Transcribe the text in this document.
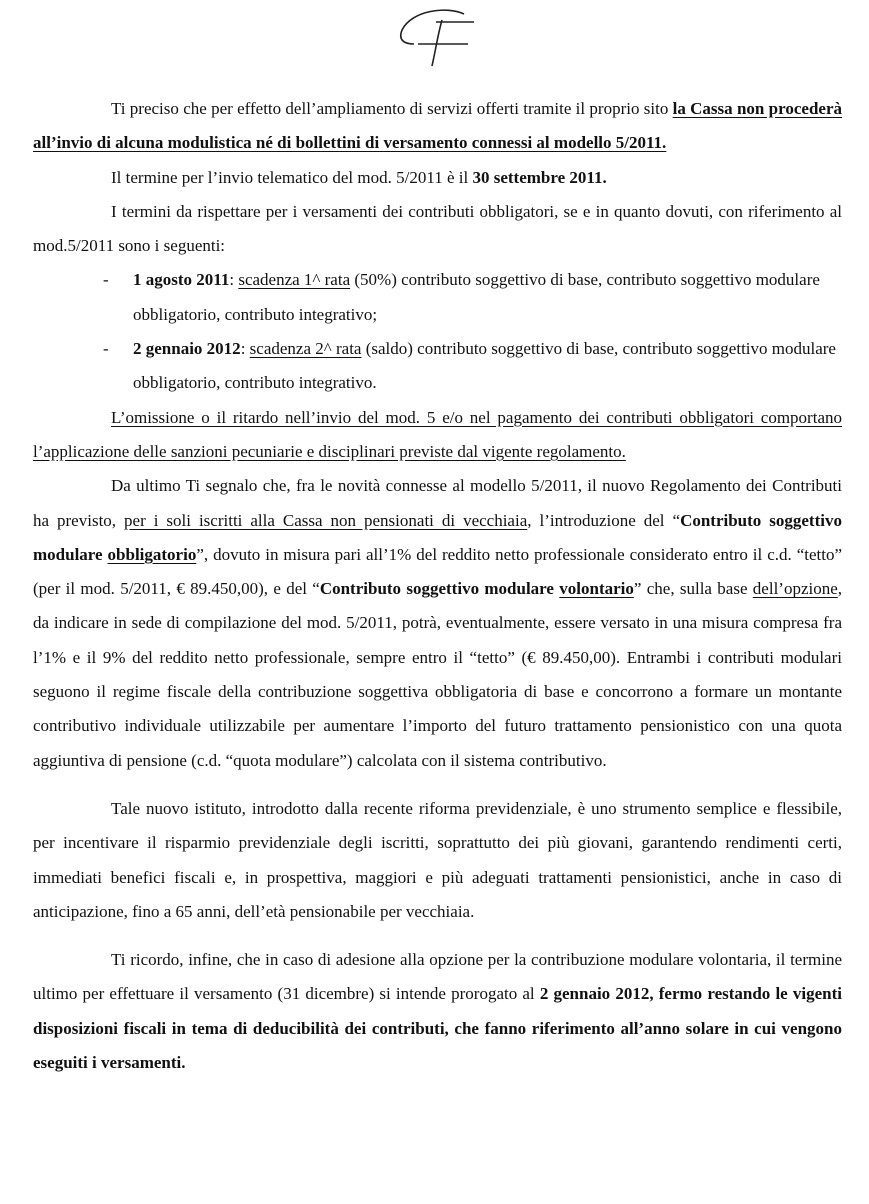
Ti preciso che per effetto dell’ampliamento di servizi offerti tramite il proprio sito la Cassa non procederà all’invio di alcuna modulistica né di bollettini di versamento connessi al modello 5/2011.

Il termine per l’invio telematico del mod. 5/2011 è il 30 settembre 2011.

I termini da rispettare per i versamenti dei contributi obbligatori, se e in quanto dovuti, con riferimento al mod.5/2011 sono i seguenti:

- 1 agosto 2011: scadenza 1^ rata (50%) contributo soggettivo di base, contributo soggettivo modulare obbligatorio, contributo integrativo;
- 2 gennaio 2012: scadenza 2^ rata (saldo) contributo soggettivo di base, contributo soggettivo modulare obbligatorio, contributo integrativo.

L’omissione o il ritardo nell’invio del mod. 5 e/o nel pagamento dei contributi obbligatori comportano l’applicazione delle sanzioni pecuniarie e disciplinari previste dal vigente regolamento.

Da ultimo Ti segnalo che, fra le novità connesse al modello 5/2011, il nuovo Regolamento dei Contributi ha previsto, per i soli iscritti alla Cassa non pensionati di vecchiaia, l’introduzione del “Contributo soggettivo modulare obbligatorio”, dovuto in misura pari all’1% del reddito netto professionale considerato entro il c.d. “tetto” (per il mod. 5/2011, € 89.450,00), e del “Contributo soggettivo modulare volontario” che, sulla base dell’opzione, da indicare in sede di compilazione del mod. 5/2011, potrà, eventualmente, essere versato in una misura compresa fra l’1% e il 9% del reddito netto professionale, sempre entro il “tetto” (€ 89.450,00). Entrambi i contributi modulari seguono il regime fiscale della contribuzione soggettiva obbligatoria di base e concorrono a formare un montante contributivo individuale utilizzabile per aumentare l’importo del futuro trattamento pensionistico con una quota aggiuntiva di pensione (c.d. “quota modulare”) calcolata con il sistema contributivo.

Tale nuovo istituto, introdotto dalla recente riforma previdenziale, è uno strumento semplice e flessibile, per incentivare il risparmio previdenziale degli iscritti, soprattutto dei più giovani, garantendo rendimenti certi, immediati benefici fiscali e, in prospettiva, maggiori e più adeguati trattamenti pensionistici, anche in caso di anticipazione, fino a 65 anni, dell’età pensionabile per vecchiaia.

Ti ricordo, infine, che in caso di adesione alla opzione per la contribuzione modulare volontaria, il termine ultimo per effettuare il versamento (31 dicembre) si intende prorogato al 2 gennaio 2012, fermo restando le vigenti disposizioni fiscali in tema di deducibilità dei contributi, che fanno riferimento all’anno solare in cui vengono eseguiti i versamenti.
